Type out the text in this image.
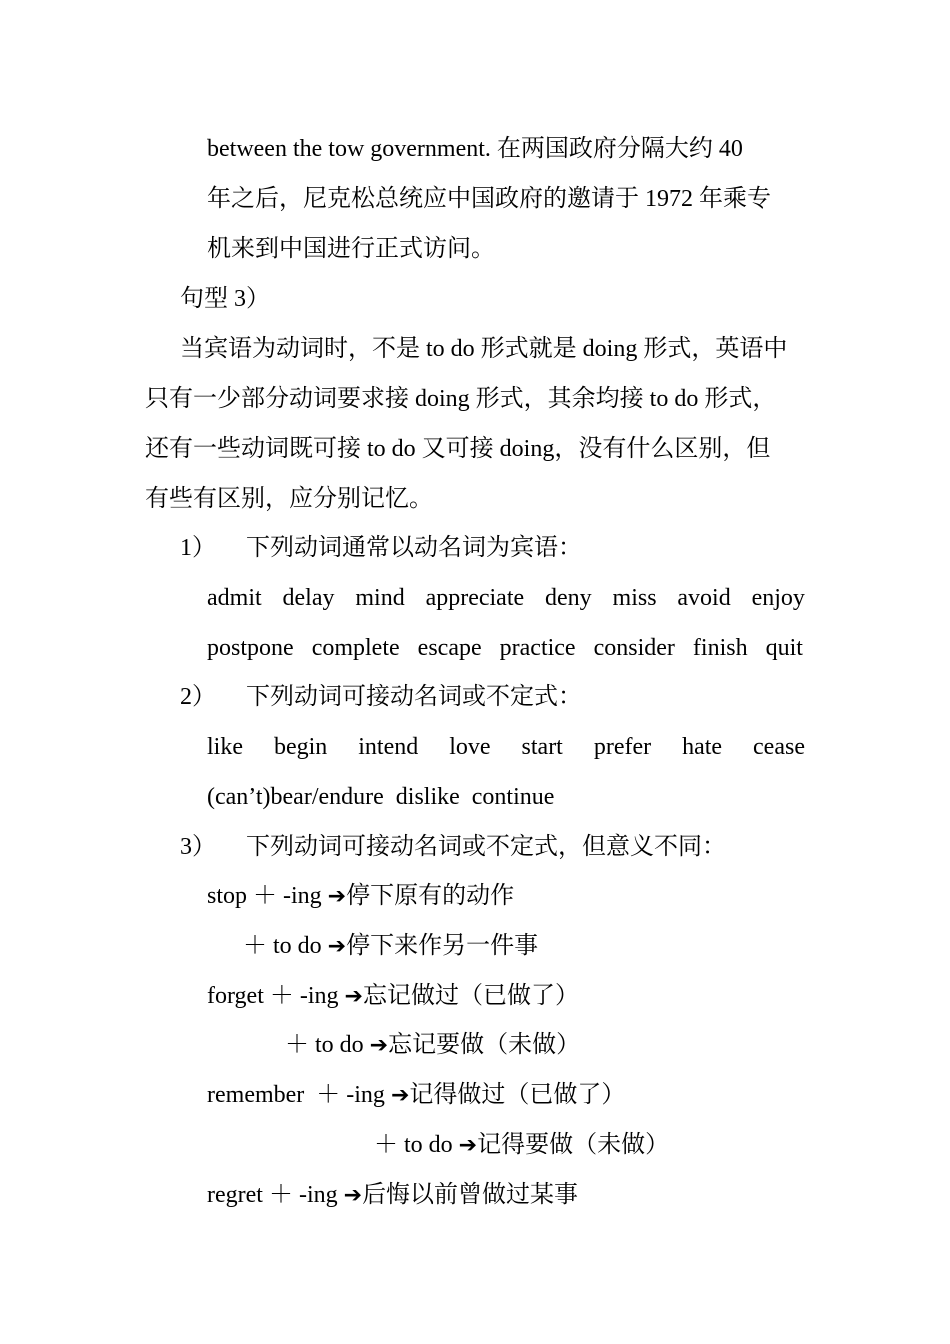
between the tow government. 在两国政府分隔大约 40
年之后，尼克松总统应中国政府的邀请于 1972 年乘专
机来到中国进行正式访问。
句型 3）
当宾语为动词时，不是 to do 形式就是 doing 形式，英语中
只有一少部分动词要求接 doing 形式，其余均接 to do 形式，
还有一些动词既可接 to do 又可接 doing，没有什么区别，但
有些有区别，应分别记忆。
1） 下列动词通常以动名词为宾语：
admit delay mind appreciate deny miss avoid enjoy
postpone complete escape practice consider finish quit
2） 下列动词可接动名词或不定式：
like begin intend love start prefer hate cease
(can’t)bear/endure  dislike  continue
3） 下列动词可接动名词或不定式，但意义不同：
stop ＋ -ing ➔停下原有的动作
＋ to do ➔停下来作另一件事
forget ＋ -ing ➔忘记做过（已做了）
＋ to do ➔忘记要做（未做）
remember  ＋ -ing ➔记得做过（已做了）
＋ to do ➔记得要做（未做）
regret ＋ -ing ➔后悔以前曾做过某事
